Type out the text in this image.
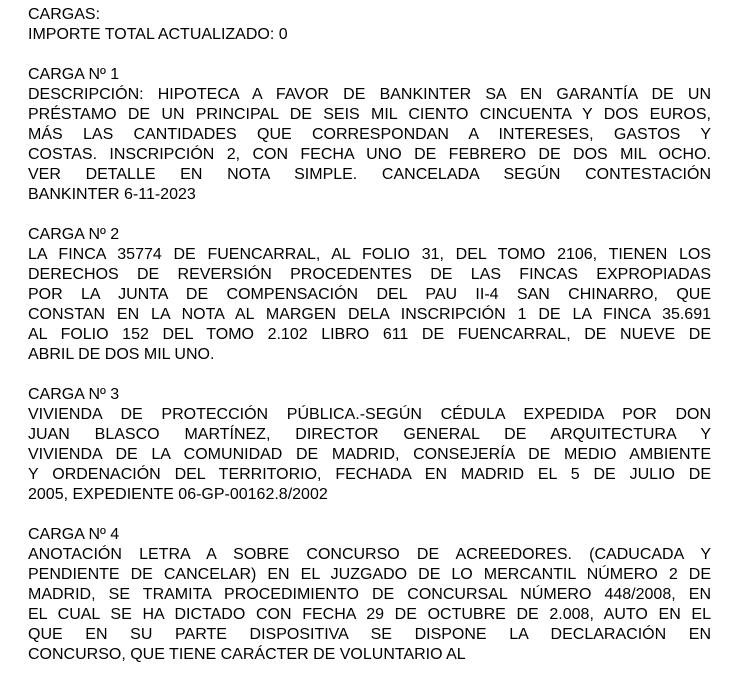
CARGAS:
IMPORTE TOTAL ACTUALIZADO: 0
CARGA Nº 1
DESCRIPCIÓN: HIPOTECA A FAVOR DE BANKINTER SA EN GARANTÍA DE UN
PRÉSTAMO DE UN PRINCIPAL DE SEIS MIL CIENTO CINCUENTA Y DOS EUROS,
MÁS LAS CANTIDADES QUE CORRESPONDAN A INTERESES, GASTOS Y
COSTAS. INSCRIPCIÓN 2, CON FECHA UNO DE FEBRERO DE DOS MIL OCHO.
VER DETALLE EN NOTA SIMPLE. CANCELADA SEGÚN CONTESTACIÓN
BANKINTER 6-11-2023
CARGA Nº 2
LA FINCA 35774 DE FUENCARRAL, AL FOLIO 31, DEL TOMO 2106, TIENEN LOS
DERECHOS DE REVERSIÓN PROCEDENTES DE LAS FINCAS EXPROPIADAS
POR LA JUNTA DE COMPENSACIÓN DEL PAU II-4 SAN CHINARRO, QUE
CONSTAN EN LA NOTA AL MARGEN DELA INSCRIPCIÓN 1 DE LA FINCA 35.691
AL FOLIO 152 DEL TOMO 2.102 LIBRO 611 DE FUENCARRAL, DE NUEVE DE
ABRIL DE DOS MIL UNO.
CARGA Nº 3
VIVIENDA DE PROTECCIÓN PÚBLICA.-SEGÚN CÉDULA EXPEDIDA POR DON
JUAN BLASCO MARTÍNEZ, DIRECTOR GENERAL DE ARQUITECTURA Y
VIVIENDA DE LA COMUNIDAD DE MADRID, CONSEJERÍA DE MEDIO AMBIENTE
Y ORDENACIÓN DEL TERRITORIO, FECHADA EN MADRID EL 5 DE JULIO DE
2005, EXPEDIENTE 06-GP-00162.8/2002
CARGA Nº 4
ANOTACIÓN LETRA A SOBRE CONCURSO DE ACREEDORES. (CADUCADA Y
PENDIENTE DE CANCELAR) EN EL JUZGADO DE LO MERCANTIL NÚMERO 2 DE
MADRID, SE TRAMITA PROCEDIMIENTO DE CONCURSAL NÚMERO 448/2008, EN
EL CUAL SE HA DICTADO CON FECHA 29 DE OCTUBRE DE 2.008, AUTO EN EL
QUE EN SU PARTE DISPOSITIVA SE DISPONE LA DECLARACIÓN EN
CONCURSO, QUE TIENE CARÁCTER DE VOLUNTARIO AL
